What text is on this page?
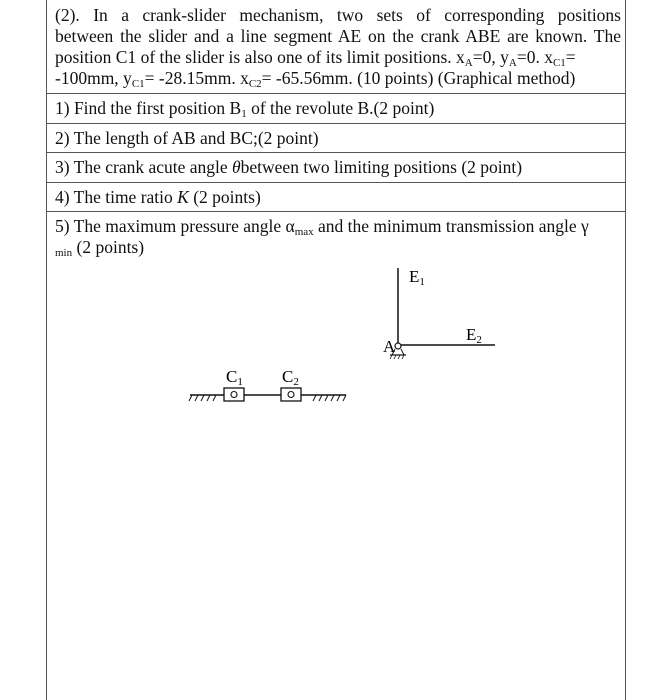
(2). In a crank-slider mechanism, two sets of corresponding positions
between the slider and a line segment AE on the crank ABE are known. The
position C1 of the slider is also one of its limit positions. $x_A=0$, $y_A=0$. $x_{C1}=$
-100mm, $y_{C1}= -28.15mm$. $x_{C2}= -65.56mm$. (10 points) (Graphical method)
1) Find the first position $B_1$ of the revolute B.(2 point)
2) The length of AB and BC;(2 point)
3) The crank acute angle θbetween two limiting positions (2 point)
4) The time ratio K (2 points)
5) The maximum pressure angle $\alpha_{max}$ and the minimum transmission angle γ
$_{min}$ (2 points)
E1
E2
A
C1 C2
